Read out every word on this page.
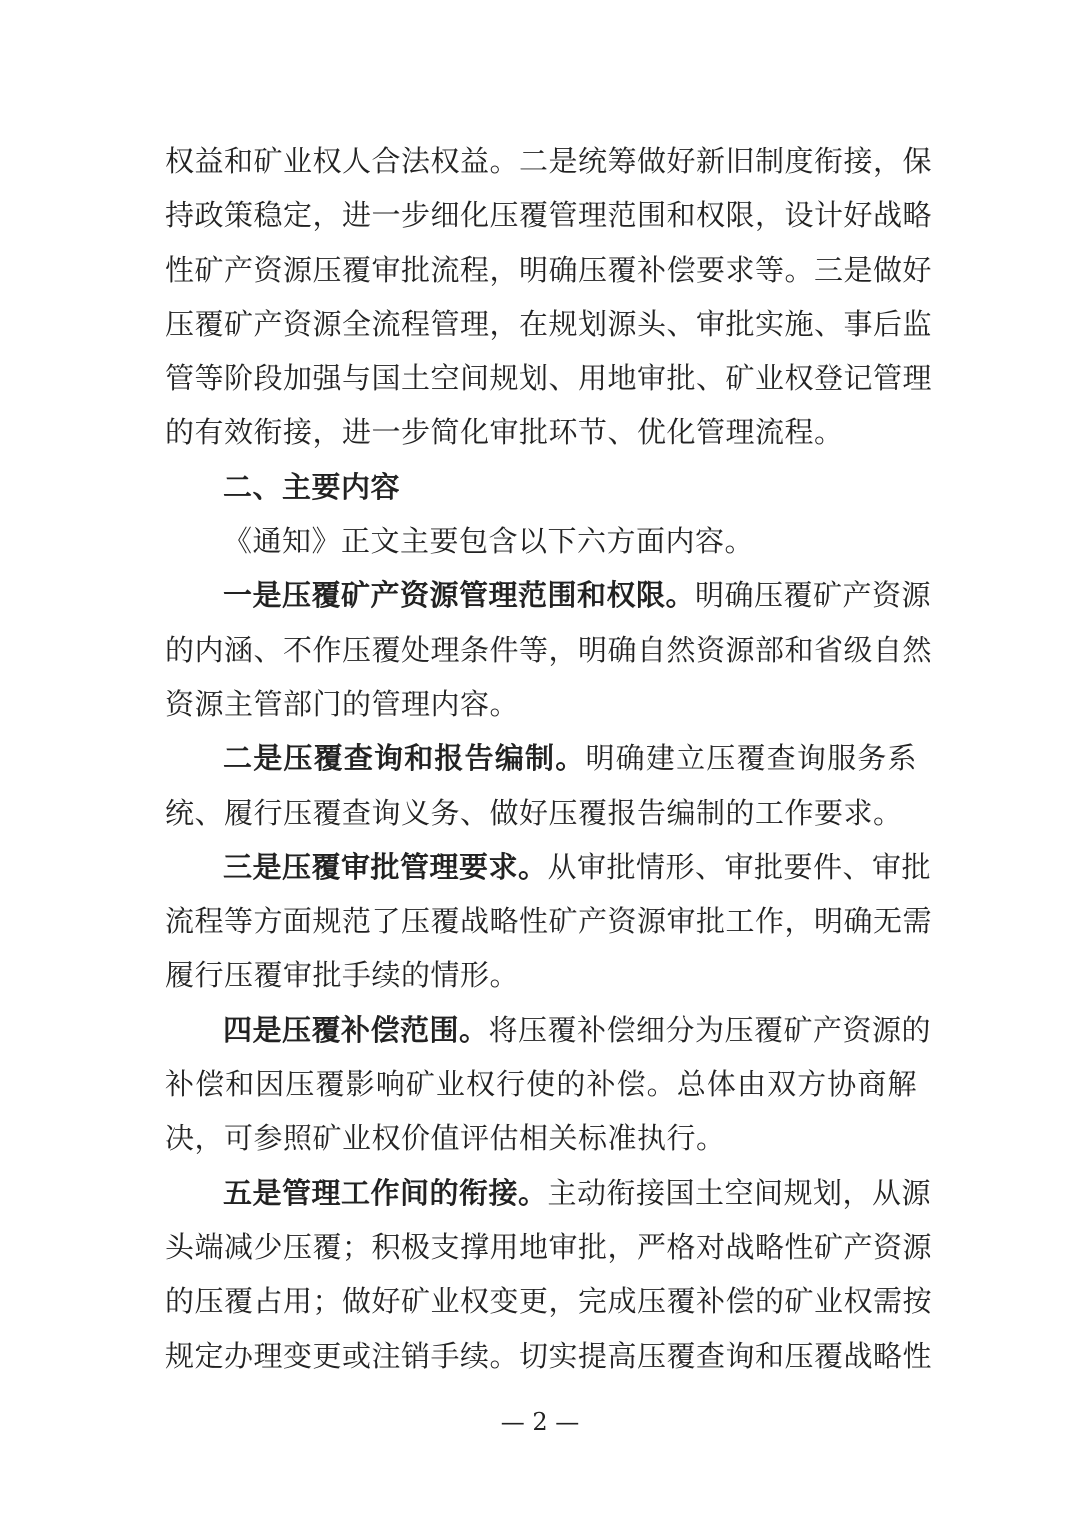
权益和矿业权人合法权益。二是统筹做好新旧制度衔接，保
持政策稳定，进一步细化压覆管理范围和权限，设计好战略
性矿产资源压覆审批流程，明确压覆补偿要求等。三是做好
压覆矿产资源全流程管理，在规划源头、审批实施、事后监
管等阶段加强与国土空间规划、用地审批、矿业权登记管理
的有效衔接，进一步简化审批环节、优化管理流程。
二、主要内容
《通知》正文主要包含以下六方面内容。
一是压覆矿产资源管理范围和权限。明确压覆矿产资源
的内涵、不作压覆处理条件等，明确自然资源部和省级自然
资源主管部门的管理内容。
二是压覆查询和报告编制。明确建立压覆查询服务系
统、履行压覆查询义务、做好压覆报告编制的工作要求。
三是压覆审批管理要求。从审批情形、审批要件、审批
流程等方面规范了压覆战略性矿产资源审批工作，明确无需
履行压覆审批手续的情形。
四是压覆补偿范围。将压覆补偿细分为压覆矿产资源的
补偿和因压覆影响矿业权行使的补偿。总体由双方协商解
决，可参照矿业权价值评估相关标准执行。
五是管理工作间的衔接。主动衔接国土空间规划，从源
头端减少压覆；积极支撑用地审批，严格对战略性矿产资源
的压覆占用；做好矿业权变更，完成压覆补偿的矿业权需按
规定办理变更或注销手续。切实提高压覆查询和压覆战略性
— 2 —
